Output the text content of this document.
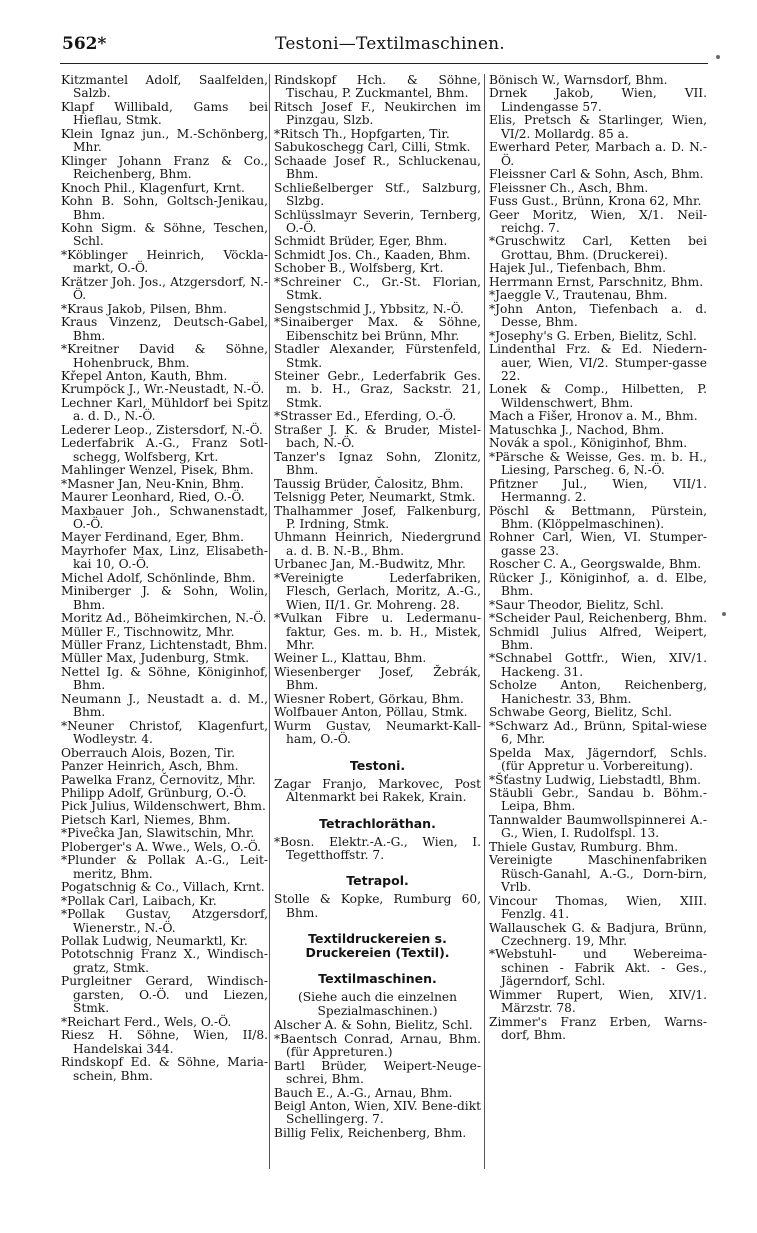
562*	Testoni—Textilmaschinen.

Kitzmantel Adolf, Saalfelden, Salzb.

Klapf Willibald, Gams bei Hieflau, Stmk.

Klein Ignaz jun., M.-Schönberg, Mhr.

Klinger Johann Franz & Co., Reichenberg, Bhm.

Knoch Phil., Klagenfurt, Krnt.

Kohn B. Sohn, Goltsch-Jenikau, Bhm.

Kohn Sigm. & Söhne, Teschen, Schl.

*Köblinger Heinrich, Vöckla-markt, O.-Ö.

Krätzer Joh. Jos., Atzgersdorf, N.-Ö.

*Kraus Jakob, Pilsen, Bhm.

Kraus Vinzenz, Deutsch-Gabel, Bhm.

*Kreitner David & Söhne, Hohenbruck, Bhm.

Křepel Anton, Kauth, Bhm.

Krumpöck J., Wr.-Neustadt, N.-Ö.

Lechner Karl, Mühldorf bei Spitz a. d. D., N.-Ö.

Lederer Leop., Zistersdorf, N.-Ö.

Lederfabrik A.-G., Franz Sotl-schegg, Wolfsberg, Krt.

Mahlinger Wenzel, Pisek, Bhm.

*Masner Jan, Neu-Knin, Bhm.

Maurer Leonhard, Ried, O.-Ö.

Maxbauer Joh., Schwanenstadt, O.-Ö.

Mayer Ferdinand, Eger, Bhm.

Mayrhofer Max, Linz, Elisabeth-kai 10, O.-Ö.

Michel Adolf, Schönlinde, Bhm.

Miniberger J. & Sohn, Wolin, Bhm.

Moritz Ad., Böheimkirchen, N.-Ö.

Müller F., Tischnowitz, Mhr.

Müller Franz, Lichtenstadt, Bhm.

Müller Max, Judenburg, Stmk.

Nettel Ig. & Söhne, Königinhof, Bhm.

Neumann J., Neustadt a. d. M., Bhm.

*Neuner Christof, Klagenfurt, Wodleystr. 4.

Oberrauch Alois, Bozen, Tir.

Panzer Heinrich, Asch, Bhm.

Pawelka Franz, Černovitz, Mhr.

Philipp Adolf, Grünburg, O.-Ö.

Pick Julius, Wildenschwert, Bhm.

Pietsch Karl, Niemes, Bhm.

*Piveĉka Jan, Slawitschin, Mhr.

Ploberger's A. Wwe., Wels, O.-Ö.

*Plunder & Pollak A.-G., Leit-meritz, Bhm.

Pogatschnig & Co., Villach, Krnt.

*Pollak Carl, Laibach, Kr.

*Pollak Gustav, Atzgersdorf, Wienerstr., N.-Ö.

Pollak Ludwig, Neumarktl, Kr.

Pototschnig Franz X., Windisch-gratz, Stmk.

Purgleitner Gerard, Windisch-garsten, O.-Ö. und Liezen, Stmk.

*Reichart Ferd., Wels, O.-Ö.

Riesz H. Söhne, Wien, II/8. Handelskai 344.

Rindskopf Ed. & Söhne, Maria-schein, Bhm.

Rindskopf Hch. & Söhne, Tischau, P. Zuckmantel, Bhm.

Ritsch Josef F., Neukirchen im Pinzgau, Slzb.

*Ritsch Th., Hopfgarten, Tir.

Sabukoschegg Carl, Cilli, Stmk.

Schaade Josef R., Schluckenau, Bhm.

Schließelberger Stf., Salzburg, Slzbg.

Schlüsslmayr Severin, Ternberg, O.-Ö.

Schmidt Brüder, Eger, Bhm.

Schmidt Jos. Ch., Kaaden, Bhm.

Schober B., Wolfsberg, Krt.

*Schreiner C., Gr.-St. Florian, Stmk.

Sengstschmid J., Ybbsitz, N.-Ö.

*Sinaiberger Max. & Söhne, Eibenschitz bei Brünn, Mhr.

Stadler Alexander, Fürstenfeld, Stmk.

Steiner Gebr., Lederfabrik Ges. m. b. H., Graz, Sackstr. 21, Stmk.

*Strasser Ed., Eferding, O.-Ö.

Straßer J. K. & Bruder, Mistel-bach, N.-Ö.

Tanzer's Ignaz Sohn, Zlonitz, Bhm.

Taussig Brüder, Čalositz, Bhm.

Telsnigg Peter, Neumarkt, Stmk.

Thalhammer Josef, Falkenburg, P. Irdning, Stmk.

Uhmann Heinrich, Niedergrund a. d. B. N.-B., Bhm.

Urbanec Jan, M.-Budwitz, Mhr.

*Vereinigte Lederfabriken, Flesch, Gerlach, Moritz, A.-G., Wien, II/1. Gr. Mohreng. 28.

*Vulkan Fibre u. Ledermanu-faktur, Ges. m. b. H., Mistek, Mhr.

Weiner L., Klattau, Bhm.

Wiesenberger Josef, Žebrák, Bhm.

Wiesner Robert, Görkau, Bhm.

Wolfbauer Anton, Pöllau, Stmk.

Wurm Gustav, Neumarkt-Kall-ham, O.-Ö.

Testoni.

Zagar Franjo, Markovec, Post Altenmarkt bei Rakek, Krain.

Tetrachloräthan.

*Bosn. Elektr.-A.-G., Wien, I. Tegetthoffstr. 7.

Tetrapol.

Stolle & Kopke, Rumburg 60, Bhm.

Textildruckereien s. Druckereien (Textil).
Textilmaschinen.
(Siehe auch die einzelnen Spezialmaschinen.)

Alscher A. & Sohn, Bielitz, Schl.

*Baentsch Conrad, Arnau, Bhm. (für Appreturen.)

Bartl Brüder, Weipert-Neuge-schrei, Bhm.

Bauch E., A.-G., Arnau, Bhm.

Beigl Anton, Wien, XIV. Bene-dikt Schellingerg. 7.

Billig Felix, Reichenberg, Bhm.

Bönisch W., Warnsdorf, Bhm.

Drnek Jakob, Wien, VII. Lindengasse 57.

Elis, Pretsch & Starlinger, Wien, VI/2. Mollardg. 85 a.

Ewerhard Peter, Marbach a. D. N.-Ö.

Fleissner Carl & Sohn, Asch, Bhm.

Fleissner Ch., Asch, Bhm.

Fuss Gust., Brünn, Krona 62, Mhr.

Geer Moritz, Wien, X/1. Neil-reichg. 7.

*Gruschwitz Carl, Ketten bei Grottau, Bhm. (Druckerei).

Hajek Jul., Tiefenbach, Bhm.

Herrmann Ernst, Parschnitz, Bhm.

*Jaeggle V., Trautenau, Bhm.

*John Anton, Tiefenbach a. d. Desse, Bhm.

*Josephy's G. Erben, Bielitz, Schl.

Lindenthal Frz. & Ed. Niedern-auer, Wien, VI/2. Stumper-gasse 22.

Lonek & Comp., Hilbetten, P. Wildenschwert, Bhm.

Mach a Fišer, Hronov a. M., Bhm.

Matuschka J., Nachod, Bhm.

Novák a spol., Königinhof, Bhm.

*Pärsche & Weisse, Ges. m. b. H., Liesing, Parscheg. 6, N.-Ö.

Pfitzner Jul., Wien, VII/1. Hermanng. 2.

Pöschl & Bettmann, Pürstein, Bhm. (Klöppelmaschinen).

Rohner Carl, Wien, VI. Stumper-gasse 23.

Roscher C. A., Georgswalde, Bhm.

Rücker J., Königinhof, a. d. Elbe, Bhm.

*Saur Theodor, Bielitz, Schl.

*Scheider Paul, Reichenberg, Bhm.

Schmidl Julius Alfred, Weipert, Bhm.

*Schnabel Gottfr., Wien, XIV/1. Hackeng. 31.

Scholze Anton, Reichenberg, Hanichestr. 33, Bhm.

Schwabe Georg, Bielitz, Schl.

*Schwarz Ad., Brünn, Spital-wiese 6, Mhr.

Spelda Max, Jägerndorf, Schls. (für Appretur u. Vorbereitung).

*Šťastny Ludwig, Liebstadtl, Bhm.

Stäubli Gebr., Sandau b. Böhm.-Leipa, Bhm.

Tannwalder Baumwollspinnerei A.-G., Wien, I. Rudolfspl. 13.

Thiele Gustav, Rumburg. Bhm.

Vereinigte Maschinenfabriken Rüsch-Ganahl, A.-G., Dorn-birn, Vrlb.

Vincour Thomas, Wien, XIII. Fenzlg. 41.

Wallauschek G. & Badjura, Brünn, Czechnerg. 19, Mhr.

*Webstuhl- und Webereima-schinen - Fabrik Akt. - Ges., Jägerndorf, Schl.

Wimmer Rupert, Wien, XIV/1. Märzstr. 78.

Zimmer's Franz Erben, Warns-dorf, Bhm.
